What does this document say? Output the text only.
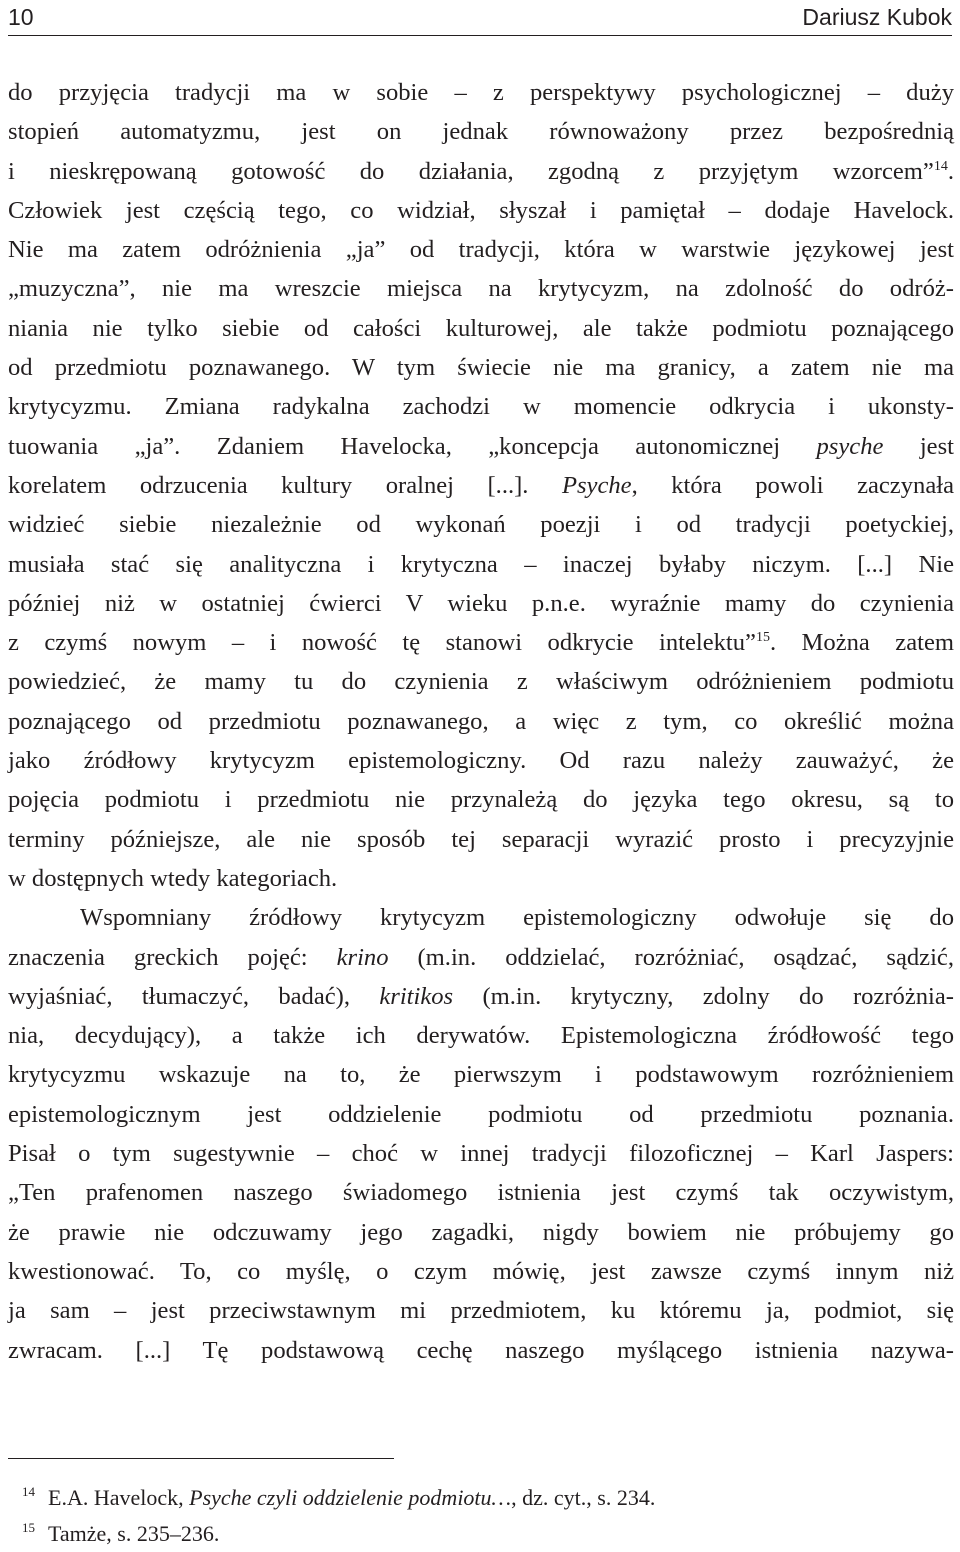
10	Dariusz Kubok
do przyjęcia tradycji ma w sobie – z perspektywy psychologicznej – duży
stopień automatyzmu, jest on jednak równoważony przez bezpośrednią
i nieskrępowaną gotowość do działania, zgodną z przyjętym wzorcem”$^{14}$.
Człowiek jest częścią tego, co widział, słyszał i pamiętał – dodaje Havelock.
Nie ma zatem odróżnienia „ja” od tradycji, która w warstwie językowej jest
„muzyczna”, nie ma wreszcie miejsca na krytycyzm, na zdolność do odróż-
niania nie tylko siebie od całości kulturowej, ale także podmiotu poznającego
od przedmiotu poznawanego. W tym świecie nie ma granicy, a zatem nie ma
krytycyzmu. Zmiana radykalna zachodzi w momencie odkrycia i ukonsty-
tuowania „ja”. Zdaniem Havelocka, „koncepcja autonomicznej psyche jest
korelatem odrzucenia kultury oralnej [...]. Psyche, która powoli zaczynała
widzieć siebie niezależnie od wykonań poezji i od tradycji poetyckiej,
musiała stać się analityczna i krytyczna – inaczej byłaby niczym. [...] Nie
później niż w ostatniej ćwierci V wieku p.n.e. wyraźnie mamy do czynienia
z czymś nowym – i nowość tę stanowi odkrycie intelektu”$^{15}$. Można zatem
powiedzieć, że mamy tu do czynienia z właściwym odróżnieniem podmiotu
poznającego od przedmiotu poznawanego, a więc z tym, co określić można
jako źródłowy krytycyzm epistemologiczny. Od razu należy zauważyć, że
pojęcia podmiotu i przedmiotu nie przynależą do języka tego okresu, są to
terminy późniejsze, ale nie sposób tej separacji wyrazić prosto i precyzyjnie
w dostępnych wtedy kategoriach.
Wspomniany źródłowy krytycyzm epistemologiczny odwołuje się do
znaczenia greckich pojęć: krino (m.in. oddzielać, rozróżniać, osądzać, sądzić,
wyjaśniać, tłumaczyć, badać), kritikos (m.in. krytyczny, zdolny do rozróżnia-
nia, decydujący), a także ich derywatów. Epistemologiczna źródłowość tego
krytycyzmu wskazuje na to, że pierwszym i podstawowym rozróżnieniem
epistemologicznym jest oddzielenie podmiotu od przedmiotu poznania.
Pisał o tym sugestywnie – choć w innej tradycji filozoficznej – Karl Jaspers:
„Ten prafenomen naszego świadomego istnienia jest czymś tak oczywistym,
że prawie nie odczuwamy jego zagadki, nigdy bowiem nie próbujemy go
kwestionować. To, co myślę, o czym mówię, jest zawsze czymś innym niż
ja sam – jest przeciwstawnym mi przedmiotem, ku któremu ja, podmiot, się
zwracam. [...] Tę podstawową cechę naszego myślącego istnienia nazywa-
$^{14}$ E.A. Havelock, Psyche czyli oddzielenie podmiotu…, dz. cyt., s. 234.
$^{15}$ Tamże, s. 235–236.
